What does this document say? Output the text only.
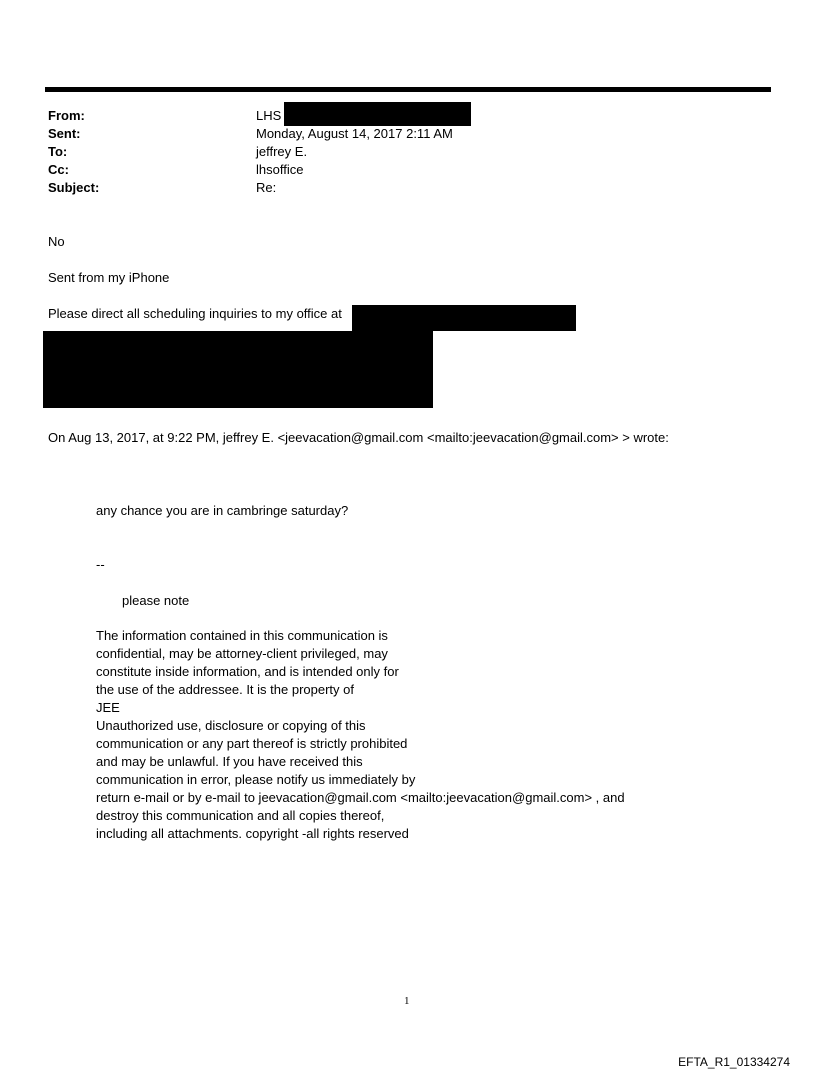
From:	LHS
Sent:	Monday, August 14, 2017 2:11 AM
To:	jeffrey E.
Cc:	lhsoffice
Subject:	Re:
No
Sent from my iPhone
Please direct all scheduling inquiries to my office at
On Aug 13, 2017, at 9:22 PM, jeffrey E. <jeevacation@gmail.com <mailto:jeevacation@gmail.com> > wrote:
any chance you are in cambringe saturday?
--
please note
The information contained in this communication is
confidential, may be attorney-client privileged, may
constitute inside information, and is intended only for
the use of the addressee. It is the property of
JEE
Unauthorized use, disclosure or copying of this
communication or any part thereof is strictly prohibited
and may be unlawful. If you have received this
communication in error, please notify us immediately by
return e-mail or by e-mail to jeevacation@gmail.com <mailto:jeevacation@gmail.com> , and
destroy this communication and all copies thereof,
including all attachments. copyright -all rights reserved
1
EFTA_R1_01334274
